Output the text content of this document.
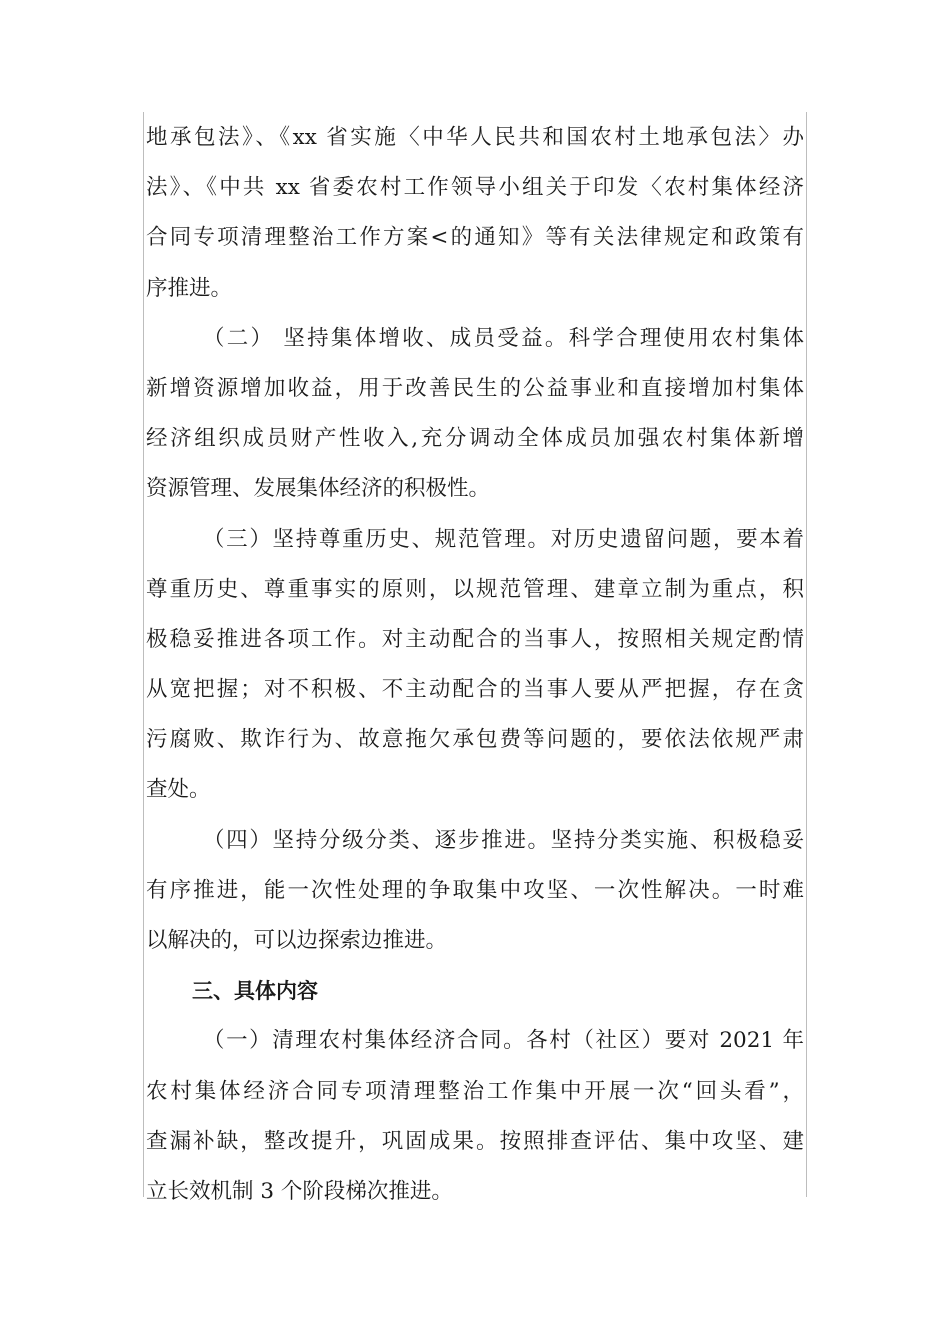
地承包法》、《xx 省实施〈中华人民共和国农村土地承包法〉办
法》、《中共 xx 省委农村工作领导小组关于印发〈农村集体经济
合同专项清理整治工作方案<的通知》等有关法律规定和政策有
序推进。
（二） 坚持集体增收、成员受益。科学合理使用农村集体
新增资源增加收益，用于改善民生的公益事业和直接增加村集体
经济组织成员财产性收入,充分调动全体成员加强农村集体新增
资源管理、发展集体经济的积极性。
（三）坚持尊重历史、规范管理。对历史遗留问题，要本着
尊重历史、尊重事实的原则，以规范管理、建章立制为重点，积
极稳妥推进各项工作。对主动配合的当事人，按照相关规定酌情
从宽把握；对不积极、不主动配合的当事人要从严把握，存在贪
污腐败、欺诈行为、故意拖欠承包费等问题的，要依法依规严肃
查处。
（四）坚持分级分类、逐步推进。坚持分类实施、积极稳妥
有序推进，能一次性处理的争取集中攻坚、一次性解决。一时难
以解决的，可以边探索边推进。
三、具体内容
（一）清理农村集体经济合同。各村（社区）要对 2021 年
农村集体经济合同专项清理整治工作集中开展一次“回头看”，
查漏补缺，整改提升，巩固成果。按照排查评估、集中攻坚、建
立长效机制 3 个阶段梯次推进。
